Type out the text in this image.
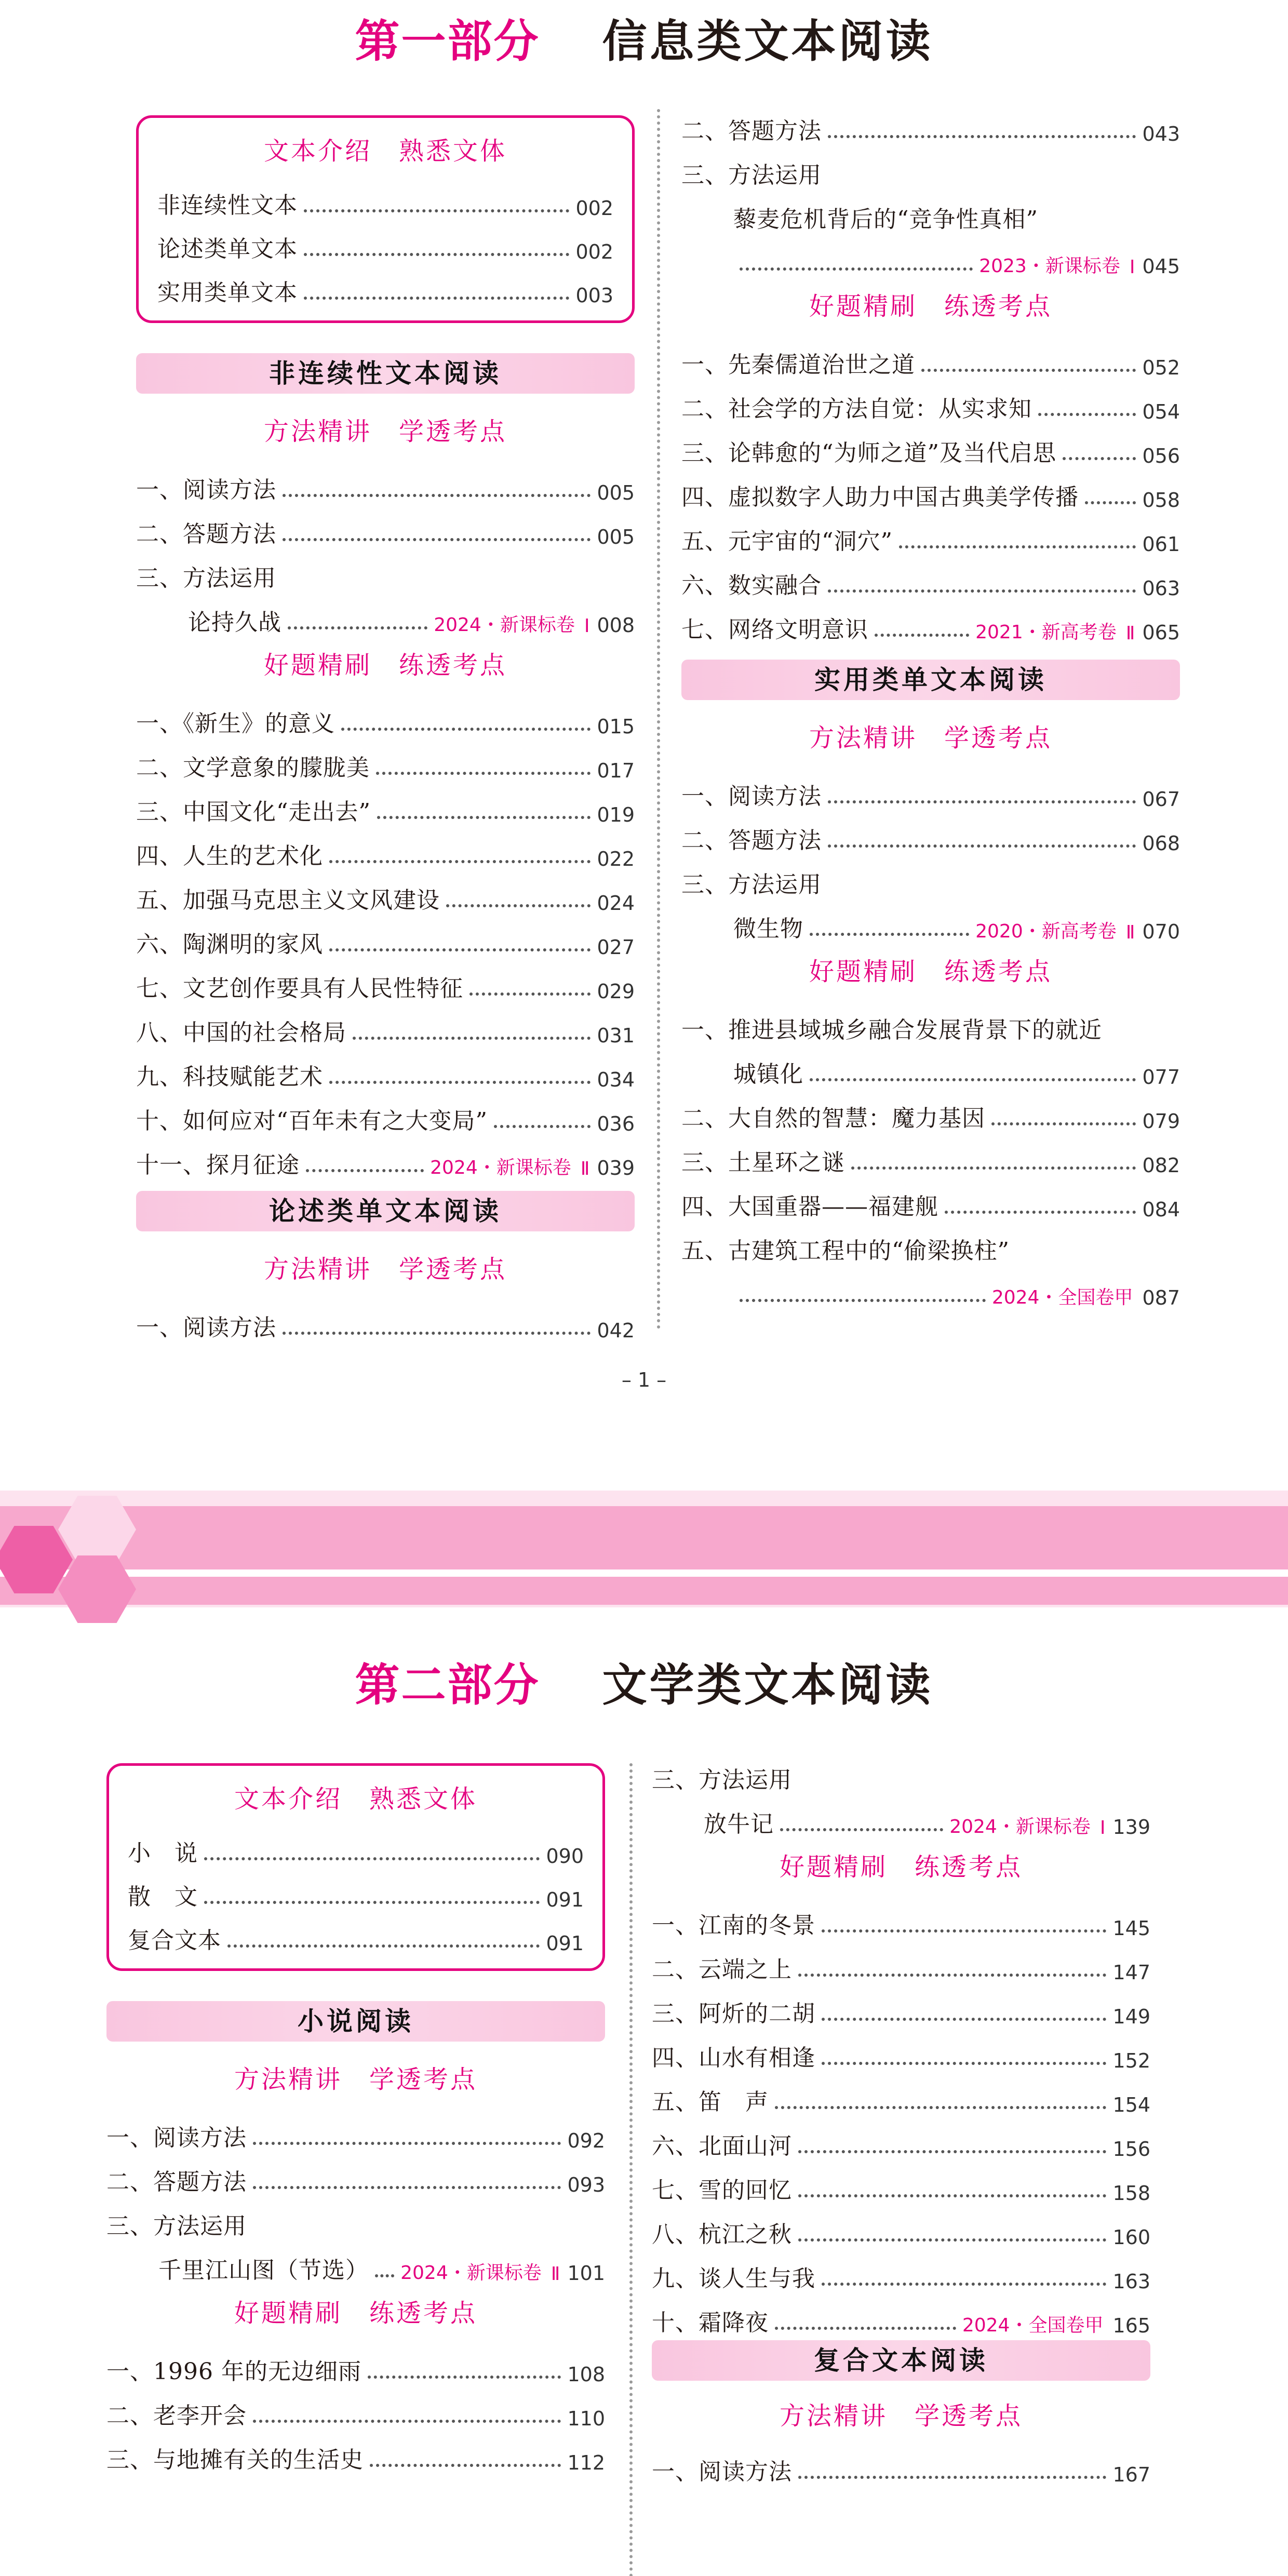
第一部分 信息类文本阅读
文本介绍　熟悉文体
非连续性文本	002
论述类单文本	002
实用类单文本	003
非连续性文本阅读
方法精讲　学透考点
一、阅读方法	005
二、答题方法	005
三、方法运用
论持久战	2024・新课标卷 Ⅰ 008
好题精刷　练透考点
一、《新生》的意义	015
二、文学意象的朦胧美	017
三、中国文化“走出去”	019
四、人生的艺术化	022
五、加强马克思主义文风建设	024
六、陶渊明的家风	027
七、文艺创作要具有人民性特征	029
八、中国的社会格局	031
九、科技赋能艺术	034
十、如何应对“百年未有之大变局”	036
十一、探月征途	2024・新课标卷 Ⅱ 039
论述类单文本阅读
方法精讲　学透考点
一、阅读方法	042
二、答题方法	043
三、方法运用
藜麦危机背后的“竞争性真相”
2023・新课标卷 Ⅰ 045
好题精刷　练透考点
一、先秦儒道治世之道	052
二、社会学的方法自觉：从实求知	054
三、论韩愈的“为师之道”及当代启思	056
四、虚拟数字人助力中国古典美学传播	058
五、元宇宙的“洞穴”	061
六、数实融合	063
七、网络文明意识	2021・新高考卷 Ⅱ 065
实用类单文本阅读
方法精讲　学透考点
一、阅读方法	067
二、答题方法	068
三、方法运用
微生物	2020・新高考卷 Ⅱ 070
好题精刷　练透考点
一、推进县域城乡融合发展背景下的就近
城镇化	077
二、大自然的智慧：魔力基因	079
三、土星环之谜	082
四、大国重器——福建舰	084
五、古建筑工程中的“偷梁换柱”
2024・全国卷甲 087
– 1 –
第二部分 文学类文本阅读
文本介绍　熟悉文体
小　说	090
散　文	091
复合文本	091
小说阅读
方法精讲　学透考点
一、阅读方法	092
二、答题方法	093
三、方法运用
千里江山图（节选） 2024・新课标卷 Ⅱ 101
好题精刷　练透考点
一、1996 年的无边细雨	108
二、老李开会	110
三、与地摊有关的生活史	112
三、方法运用
放牛记	2024・新课标卷 Ⅰ 139
好题精刷　练透考点
一、江南的冬景	145
二、云端之上	147
三、阿炘的二胡	149
四、山水有相逢	152
五、笛　声	154
六、北面山河	156
七、雪的回忆	158
八、杭江之秋	160
九、谈人生与我	163
十、霜降夜	2024・全国卷甲 165
复合文本阅读
方法精讲　学透考点
一、阅读方法	167
